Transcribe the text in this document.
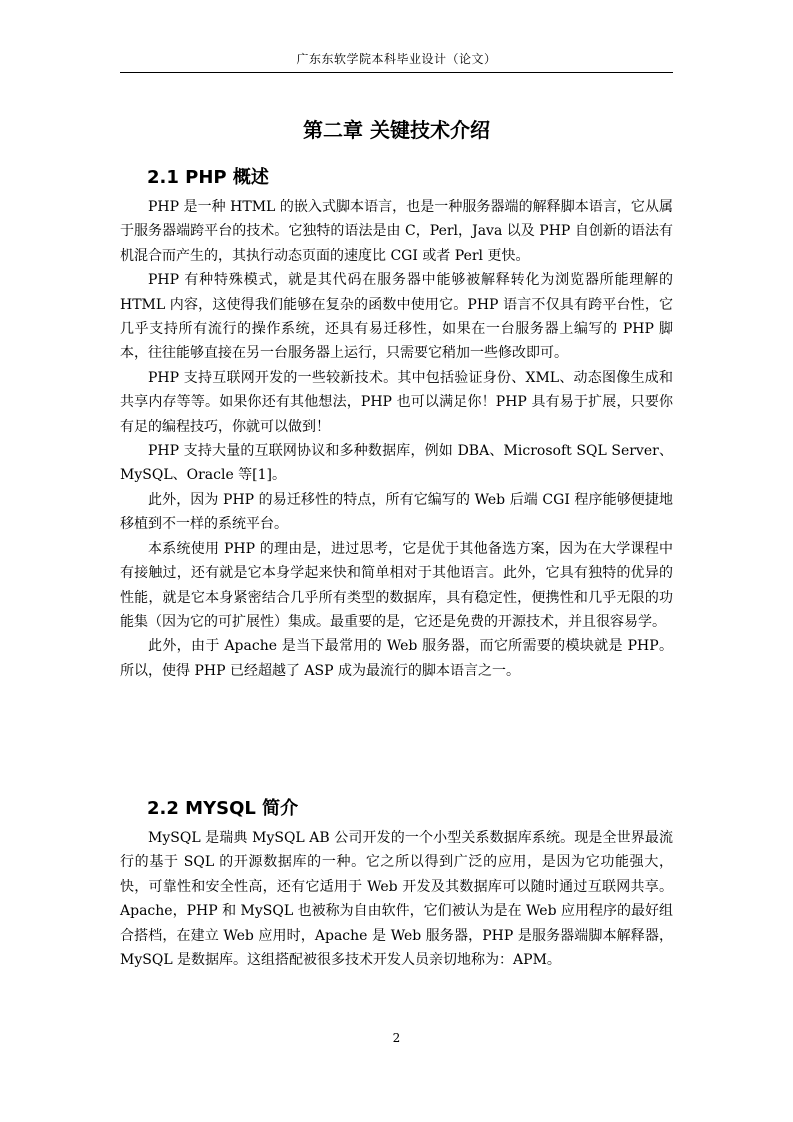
广东东软学院本科毕业设计（论文）
第二章 关键技术介绍
2.1 PHP 概述

PHP 是一种 HTML 的嵌入式脚本语言，也是一种服务器端的解释脚本语言，它从属于服务器端跨平台的技术。它独特的语法是由 C，Perl，Java 以及 PHP 自创新的语法有机混合而产生的，其执行动态页面的速度比 CGI 或者 Perl 更快。

PHP 有种特殊模式，就是其代码在服务器中能够被解释转化为浏览器所能理解的 HTML 内容，这使得我们能够在复杂的函数中使用它。PHP 语言不仅具有跨平台性，它几乎支持所有流行的操作系统，还具有易迁移性，如果在一台服务器上编写的 PHP 脚本，往往能够直接在另一台服务器上运行，只需要它稍加一些修改即可。

PHP 支持互联网开发的一些较新技术。其中包括验证身份、XML、动态图像生成和共享内存等等。如果你还有其他想法，PHP 也可以满足你！PHP 具有易于扩展，只要你有足的编程技巧，你就可以做到！

PHP 支持大量的互联网协议和多种数据库，例如 DBA、Microsoft SQL Server、MySQL、Oracle 等[1]。

此外，因为 PHP 的易迁移性的特点，所有它编写的 Web 后端 CGI 程序能够便捷地移植到不一样的系统平台。

本系统使用 PHP 的理由是，进过思考，它是优于其他备选方案，因为在大学课程中有接触过，还有就是它本身学起来快和简单相对于其他语言。此外，它具有独特的优异的性能，就是它本身紧密结合几乎所有类型的数据库，具有稳定性，便携性和几乎无限的功能集（因为它的可扩展性）集成。最重要的是，它还是免费的开源技术，并且很容易学。

此外，由于 Apache 是当下最常用的 Web 服务器，而它所需要的模块就是 PHP。所以，使得 PHP 已经超越了 ASP 成为最流行的脚本语言之一。

2.2 MYSQL 简介

MySQL 是瑞典 MySQL AB 公司开发的一个小型关系数据库系统。现是全世界最流行的基于 SQL 的开源数据库的一种。它之所以得到广泛的应用，是因为它功能强大，快，可靠性和安全性高，还有它适用于 Web 开发及其数据库可以随时通过互联网共享。Apache，PHP 和 MySQL 也被称为自由软件，它们被认为是在 Web 应用程序的最好组合搭档，在建立 Web 应用时，Apache 是 Web 服务器，PHP 是服务器端脚本解释器，MySQL 是数据库。这组搭配被很多技术开发人员亲切地称为：APM。

2
